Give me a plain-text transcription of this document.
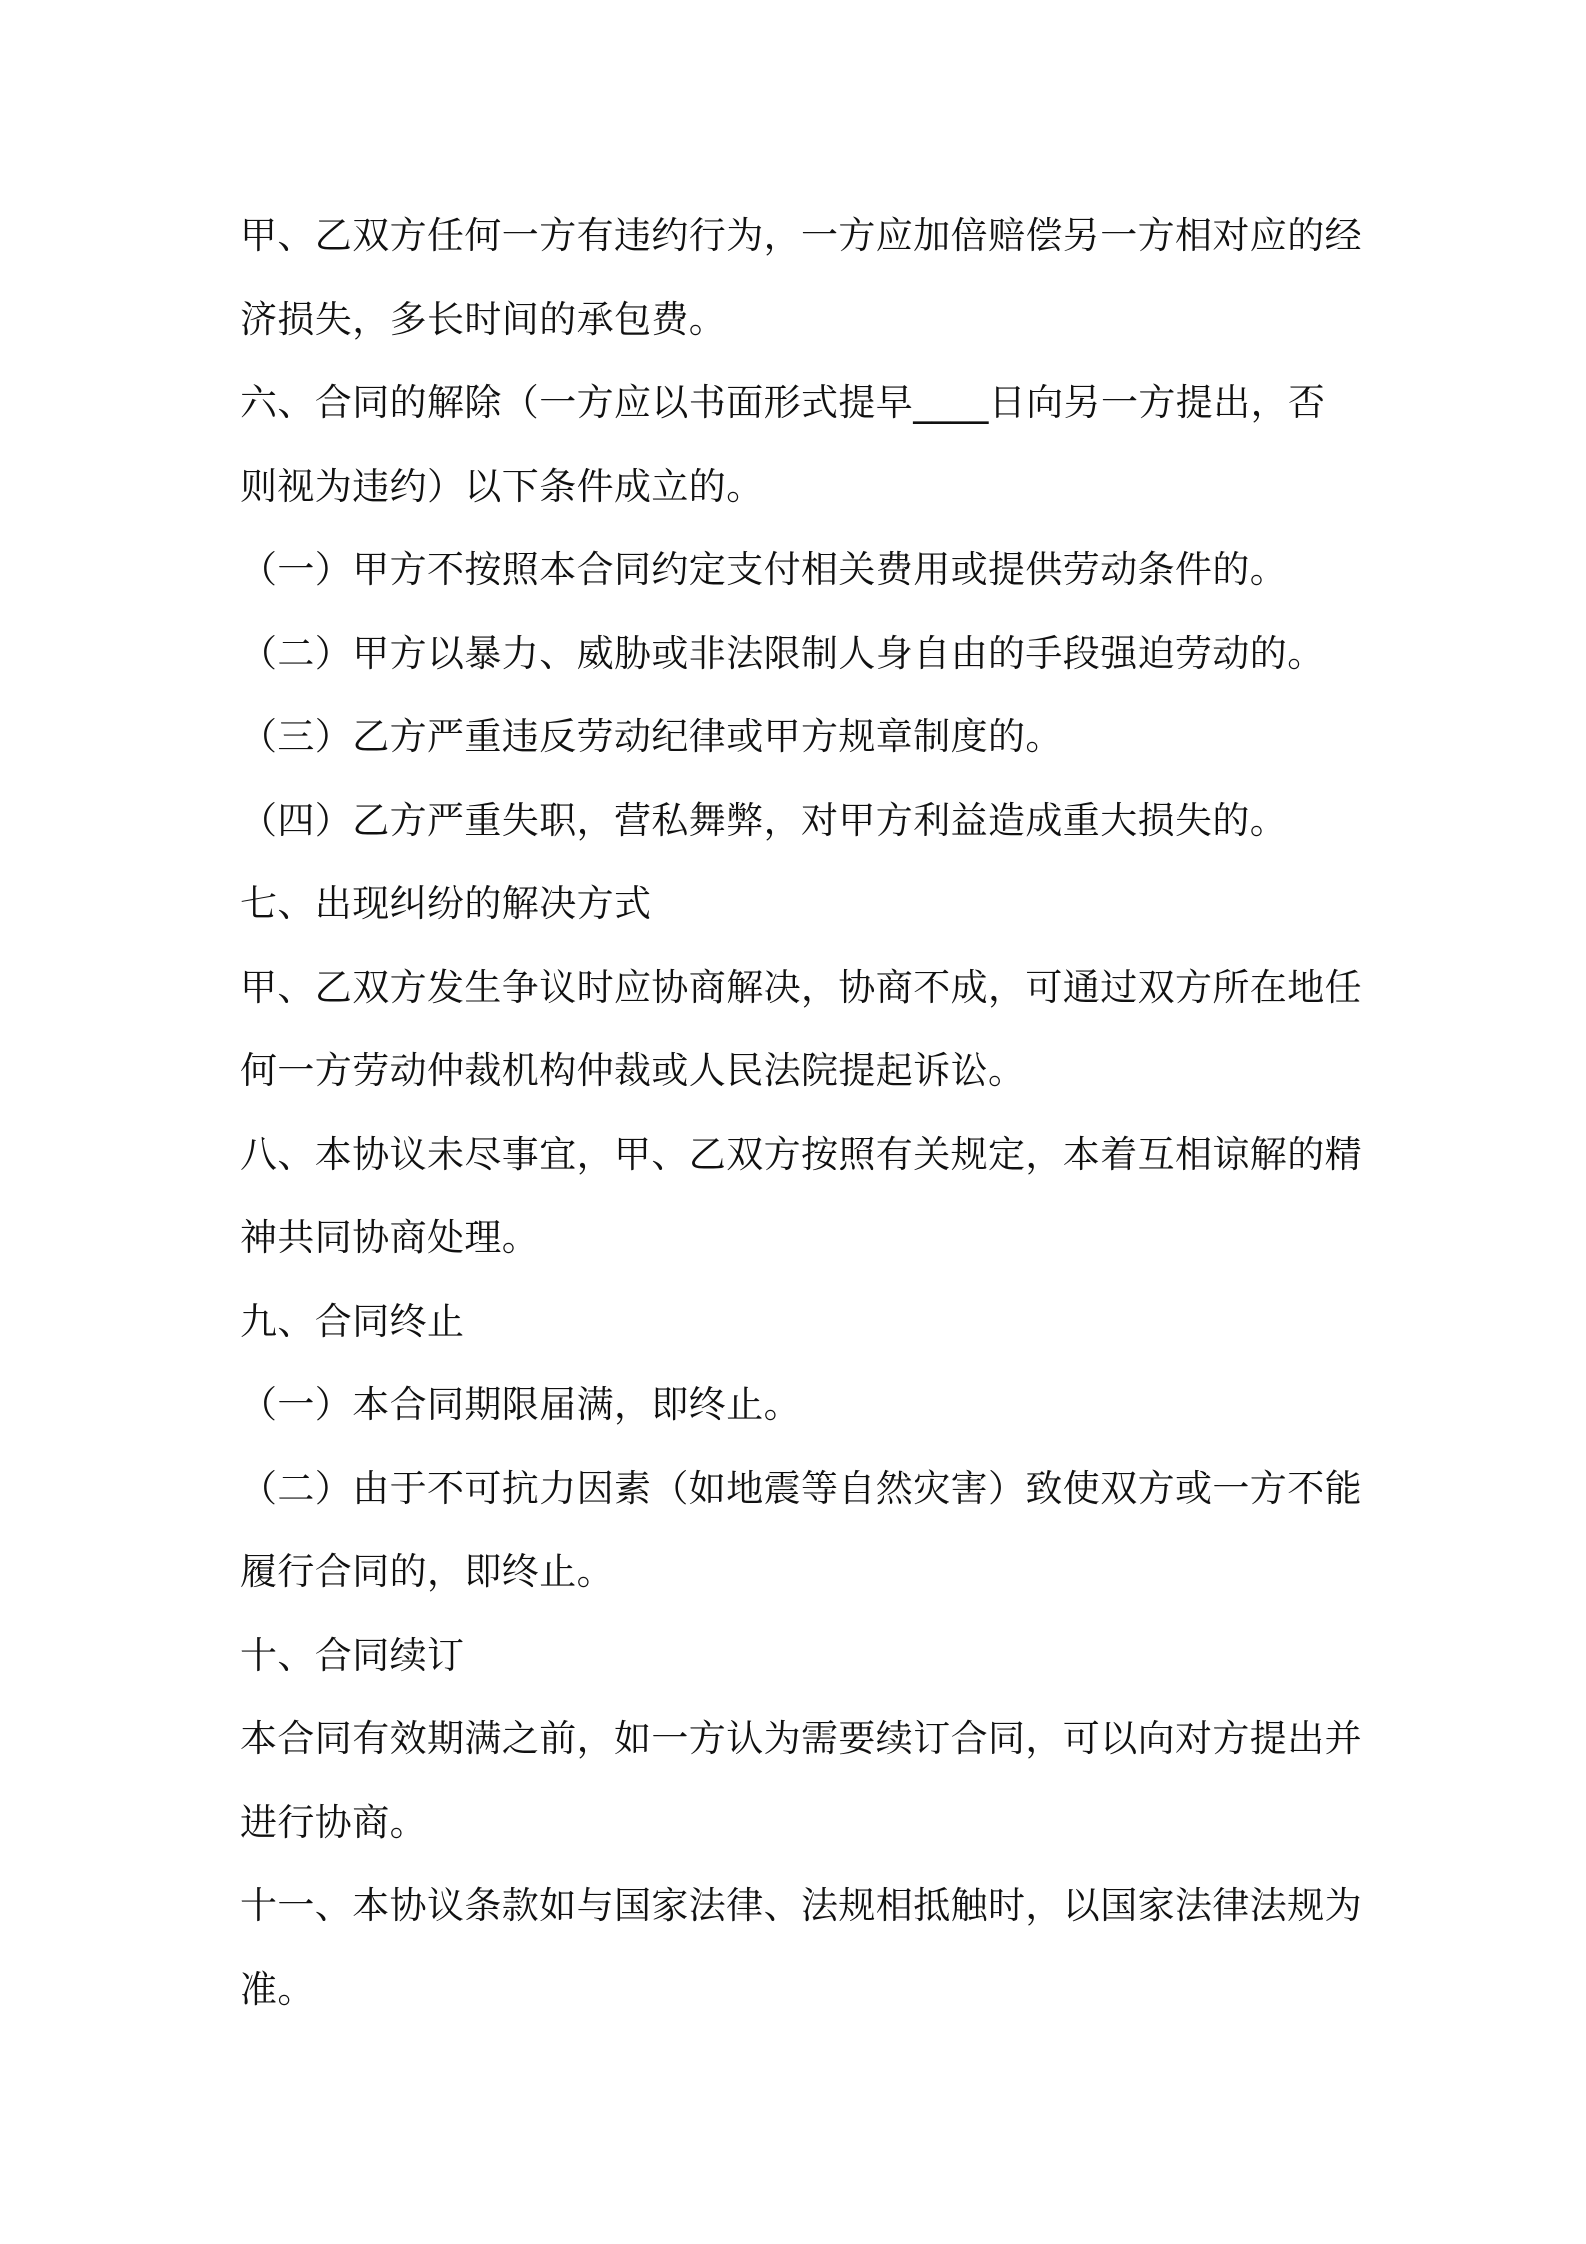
甲、乙双方任何一方有违约行为，一方应加倍赔偿另一方相对应的经
济损失，多长时间的承包费。
六、合同的解除（一方应以书面形式提早____日向另一方提出，否
则视为违约）以下条件成立的。
（一）甲方不按照本合同约定支付相关费用或提供劳动条件的。
（二）甲方以暴力、威胁或非法限制人身自由的手段强迫劳动的。
（三）乙方严重违反劳动纪律或甲方规章制度的。
（四）乙方严重失职，营私舞弊，对甲方利益造成重大损失的。
七、出现纠纷的解决方式
甲、乙双方发生争议时应协商解决，协商不成，可通过双方所在地任
何一方劳动仲裁机构仲裁或人民法院提起诉讼。
八、本协议未尽事宜，甲、乙双方按照有关规定，本着互相谅解的精
神共同协商处理。
九、合同终止
（一）本合同期限届满，即终止。
（二）由于不可抗力因素（如地震等自然灾害）致使双方或一方不能
履行合同的，即终止。
十、合同续订
本合同有效期满之前，如一方认为需要续订合同，可以向对方提出并
进行协商。
十一、本协议条款如与国家法律、法规相抵触时，以国家法律法规为
准。
